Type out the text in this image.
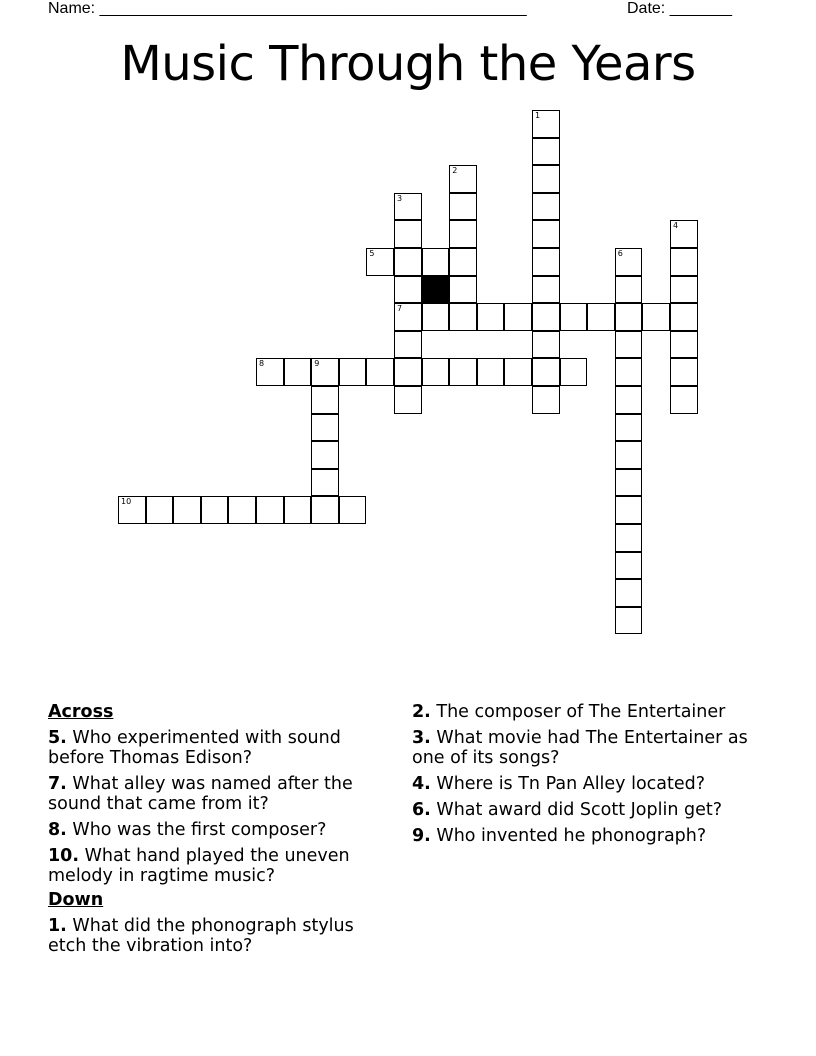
Name: ________________________________________________	Date: _______
Music Through the Years
1
2
3
7
4
5	6
8	9
10
Across
5. Who experimented with sound before Thomas Edison?
7. What alley was named after the sound that came from it?
8. Who was the first composer?
10. What hand played the uneven melody in ragtime music?
Down
1. What did the phonograph stylus etch the vibration into?
2. The composer of The Entertainer
3. What movie had The Entertainer as one of its songs?
4. Where is Tn Pan Alley located?
6. What award did Scott Joplin get?
9. Who invented he phonograph?
